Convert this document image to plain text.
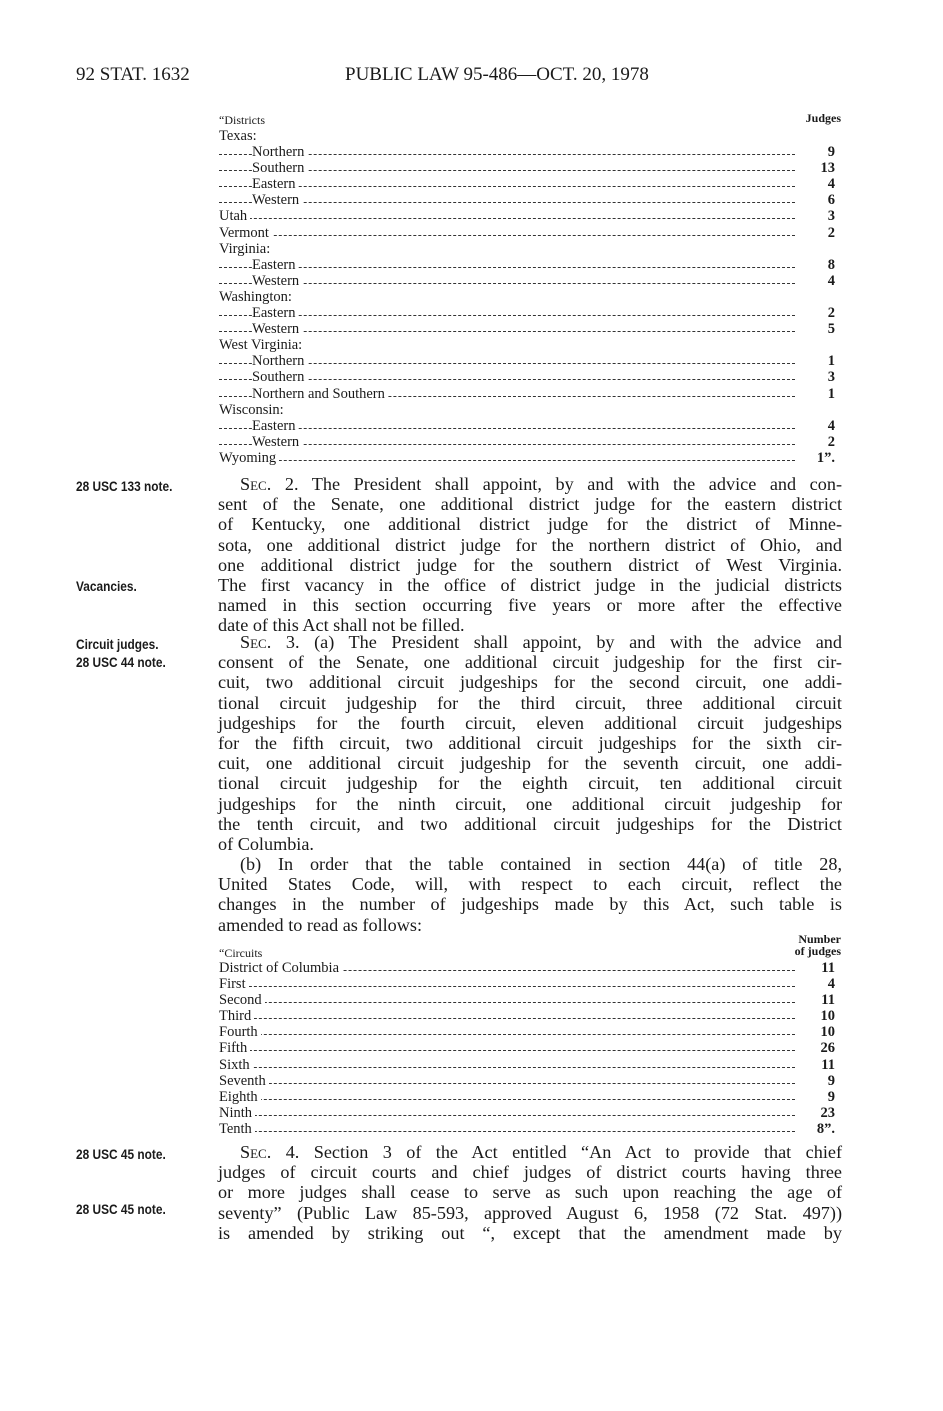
92 STAT. 1632	PUBLIC LAW 95-486—OCT. 20, 1978
“Districts	Judges
Texas:
Northern	9
Southern	13
Eastern	4
Western	6
Utah	3
Vermont	2
Virginia:
Eastern	8
Western	4
Washington:
Eastern	2
Western	5
West Virginia:
Northern	1
Southern	3
Northern and Southern	1
Wisconsin:
Eastern	4
Western	2
Wyoming	1”.
28 USC 133 note.
Vacancies.
Sec. 2. The President shall appoint, by and with the advice and con-
sent of the Senate, one additional district judge for the eastern district
of Kentucky, one additional district judge for the district of Minne-
sota, one additional district judge for the northern district of Ohio, and
one additional district judge for the southern district of West Virginia.
The first vacancy in the office of district judge in the judicial districts
named in this section occurring five years or more after the effective
date of this Act shall not be filled.
Circuit judges.
28 USC 44 note.
Sec. 3. (a) The President shall appoint, by and with the advice and
consent of the Senate, one additional circuit judgeship for the first cir-
cuit, two additional circuit judgeships for the second circuit, one addi-
tional circuit judgeship for the third circuit, three additional circuit
judgeships for the fourth circuit, eleven additional circuit judgeships
for the fifth circuit, two additional circuit judgeships for the sixth cir-
cuit, one additional circuit judgeship for the seventh circuit, one addi-
tional circuit judgeship for the eighth circuit, ten additional circuit
judgeships for the ninth circuit, one additional circuit judgeship for
the tenth circuit, and two additional circuit judgeships for the District
of Columbia.
(b) In order that the table contained in section 44(a) of title 28,
United States Code, will, with respect to each circuit, reflect the
changes in the number of judgeships made by this Act, such table is
amended to read as follows:
“Circuits
Number
of judges
District of Columbia	11
First	4
Second	11
Third	10
Fourth	10
Fifth	26
Sixth	11
Seventh	9
Eighth	9
Ninth	23
Tenth	8”.
28 USC 45 note.
28 USC 45 note.
Sec. 4. Section 3 of the Act entitled “An Act to provide that chief
judges of circuit courts and chief judges of district courts having three
or more judges shall cease to serve as such upon reaching the age of
seventy” (Public Law 85-593, approved August 6, 1958 (72 Stat. 497))
is amended by striking out “, except that the amendment made by
